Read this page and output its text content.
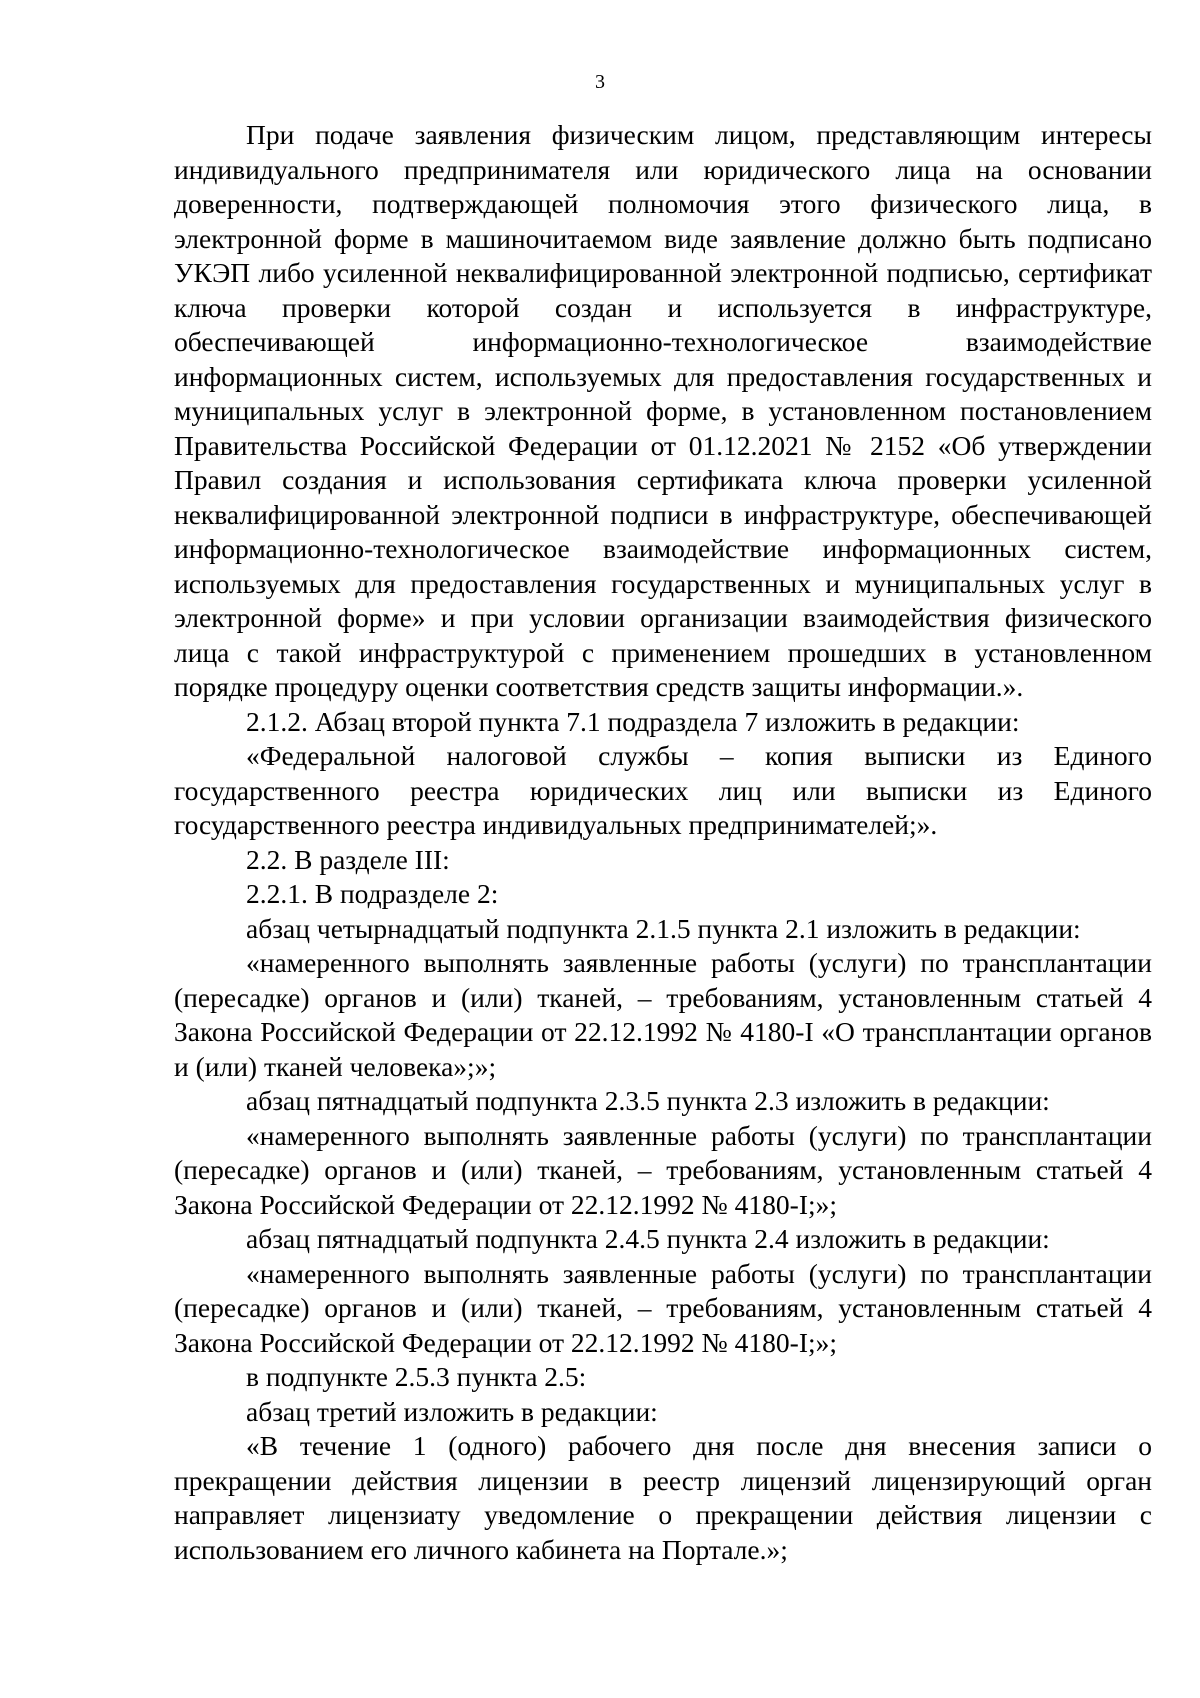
3

При подаче заявления физическим лицом, представляющим интересы индивидуального предпринимателя или юридического лица на основании доверенности, подтверждающей полномочия этого физического лица, в электронной форме в машиночитаемом виде заявление должно быть подписано УКЭП либо усиленной неквалифицированной электронной подписью, сертификат ключа проверки которой создан и используется в инфраструктуре, обеспечивающей информационно-технологическое взаимодействие информационных систем, используемых для предоставления государственных и муниципальных услуг в электронной форме, в установленном постановлением Правительства Российской Федерации от 01.12.2021 № 2152 «Об утверждении Правил создания и использования сертификата ключа проверки усиленной неквалифицированной электронной подписи в инфраструктуре, обеспечивающей информационно-технологическое взаимодействие информационных систем, используемых для предоставления государственных и муниципальных услуг в электронной форме» и при условии организации взаимодействия физического лица с такой инфраструктурой с применением прошедших в установленном порядке процедуру оценки соответствия средств защиты информации.».

2.1.2. Абзац второй пункта 7.1 подраздела 7 изложить в редакции:

«Федеральной налоговой службы – копия выписки из Единого государственного реестра юридических лиц или выписки из Единого государственного реестра индивидуальных предпринимателей;».

2.2. В разделе III:

2.2.1. В подразделе 2:

абзац четырнадцатый подпункта 2.1.5 пункта 2.1 изложить в редакции:

«намеренного выполнять заявленные работы (услуги) по трансплантации (пересадке) органов и (или) тканей, – требованиям, установленным статьей 4 Закона Российской Федерации от 22.12.1992 № 4180-I «О трансплантации органов и (или) тканей человека»;»;

абзац пятнадцатый подпункта 2.3.5 пункта 2.3 изложить в редакции:

«намеренного выполнять заявленные работы (услуги) по трансплантации (пересадке) органов и (или) тканей, – требованиям, установленным статьей 4 Закона Российской Федерации от 22.12.1992 № 4180-I;»;

абзац пятнадцатый подпункта 2.4.5 пункта 2.4 изложить в редакции:

«намеренного выполнять заявленные работы (услуги) по трансплантации (пересадке) органов и (или) тканей, – требованиям, установленным статьей 4 Закона Российской Федерации от 22.12.1992 № 4180-I;»;

в подпункте 2.5.3 пункта 2.5:

абзац третий изложить в редакции:

«В течение 1 (одного) рабочего дня после дня внесения записи о прекращении действия лицензии в реестр лицензий лицензирующий орган направляет лицензиату уведомление о прекращении действия лицензии с использованием его личного кабинета на Портале.»;
